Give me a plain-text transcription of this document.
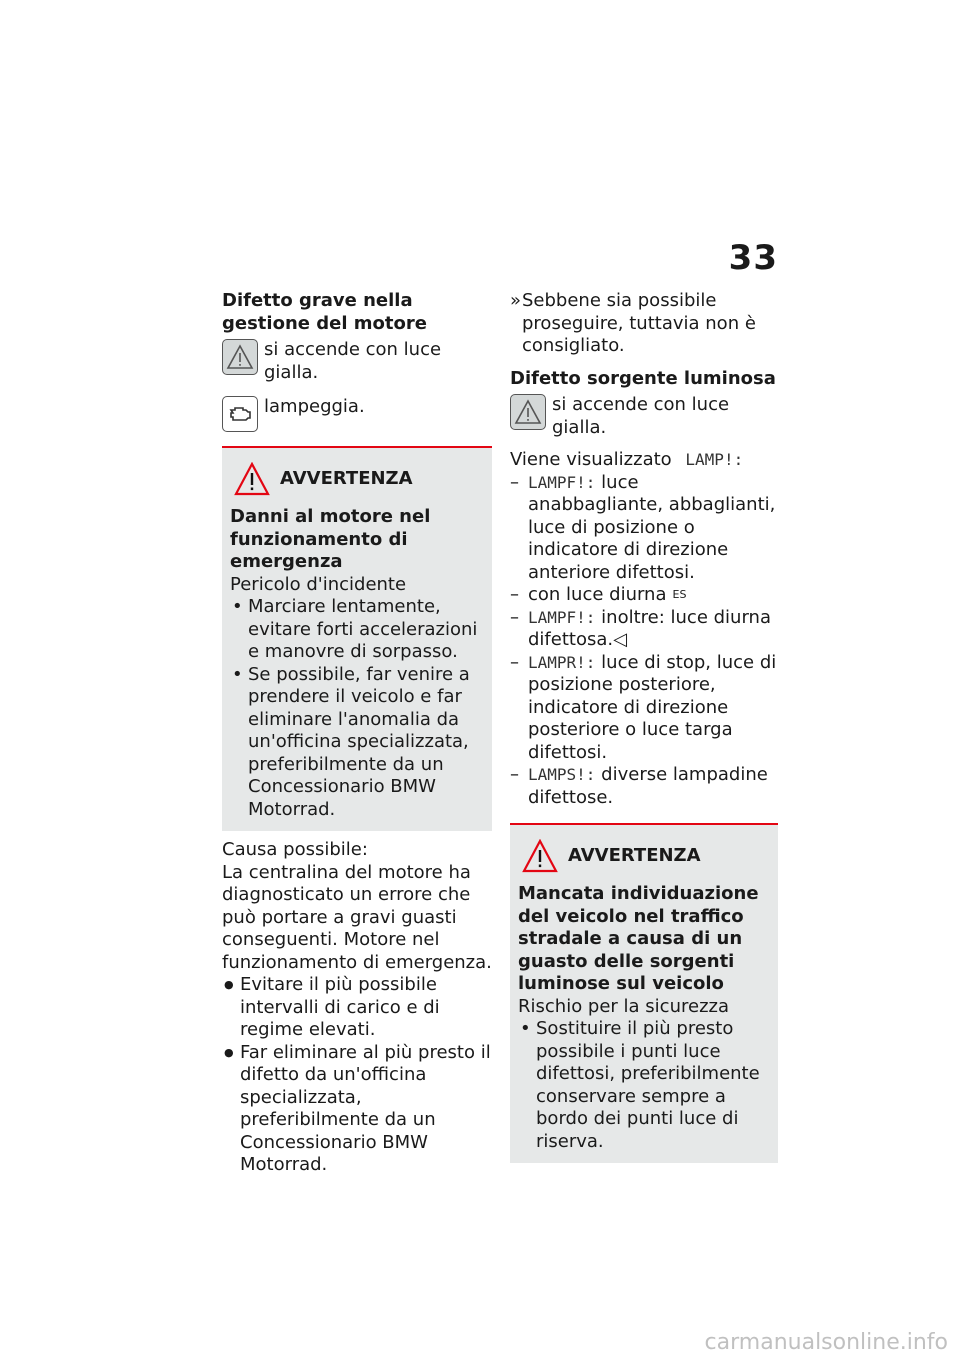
33
Difetto grave nella gestione del motore
si accende con luce gialla.
lampeggia.
AVVERTENZA
Danni al motore nel funzionamento di emergenza
Pericolo d'incidente
• Marciare lentamente, evitare forti accelerazioni e manovre di sorpasso.
• Se possibile, far venire a prendere il veicolo e far eliminare l'anomalia da un'officina specializzata, preferibilmente da un Concessionario BMW Motorrad.
Causa possibile:
La centralina del motore ha diagnosticato un errore che può portare a gravi guasti conseguenti. Motore nel funzionamento di emergenza.
● Evitare il più possibile intervalli di carico e di regime elevati.
● Far eliminare al più presto il difetto da un'officina specializzata, preferibilmente da un Concessionario BMW Motorrad.
» Sebbene sia possibile proseguire, tuttavia non è consigliato.
Difetto sorgente luminosa
si accende con luce gialla.
Viene visualizzato LAMP!:
– LAMPF!: luce anabbagliante, abbaglianti, luce di posizione o indicatore di direzione anteriore difettosi.
– con luce diurna $^{ES}$
– LAMPF!: inoltre: luce diurna difettosa.◁
– LAMPR!: luce di stop, luce di posizione posteriore, indicatore di direzione posteriore o luce targa difettosi.
– LAMPS!: diverse lampadine difettose.
AVVERTENZA
Mancata individuazione del veicolo nel traffico stradale a causa di un guasto delle sorgenti luminose sul veicolo
Rischio per la sicurezza
• Sostituire il più presto possibile i punti luce difettosi, preferibilmente conservare sempre a bordo dei punti luce di riserva.
carmanualsonline.info
